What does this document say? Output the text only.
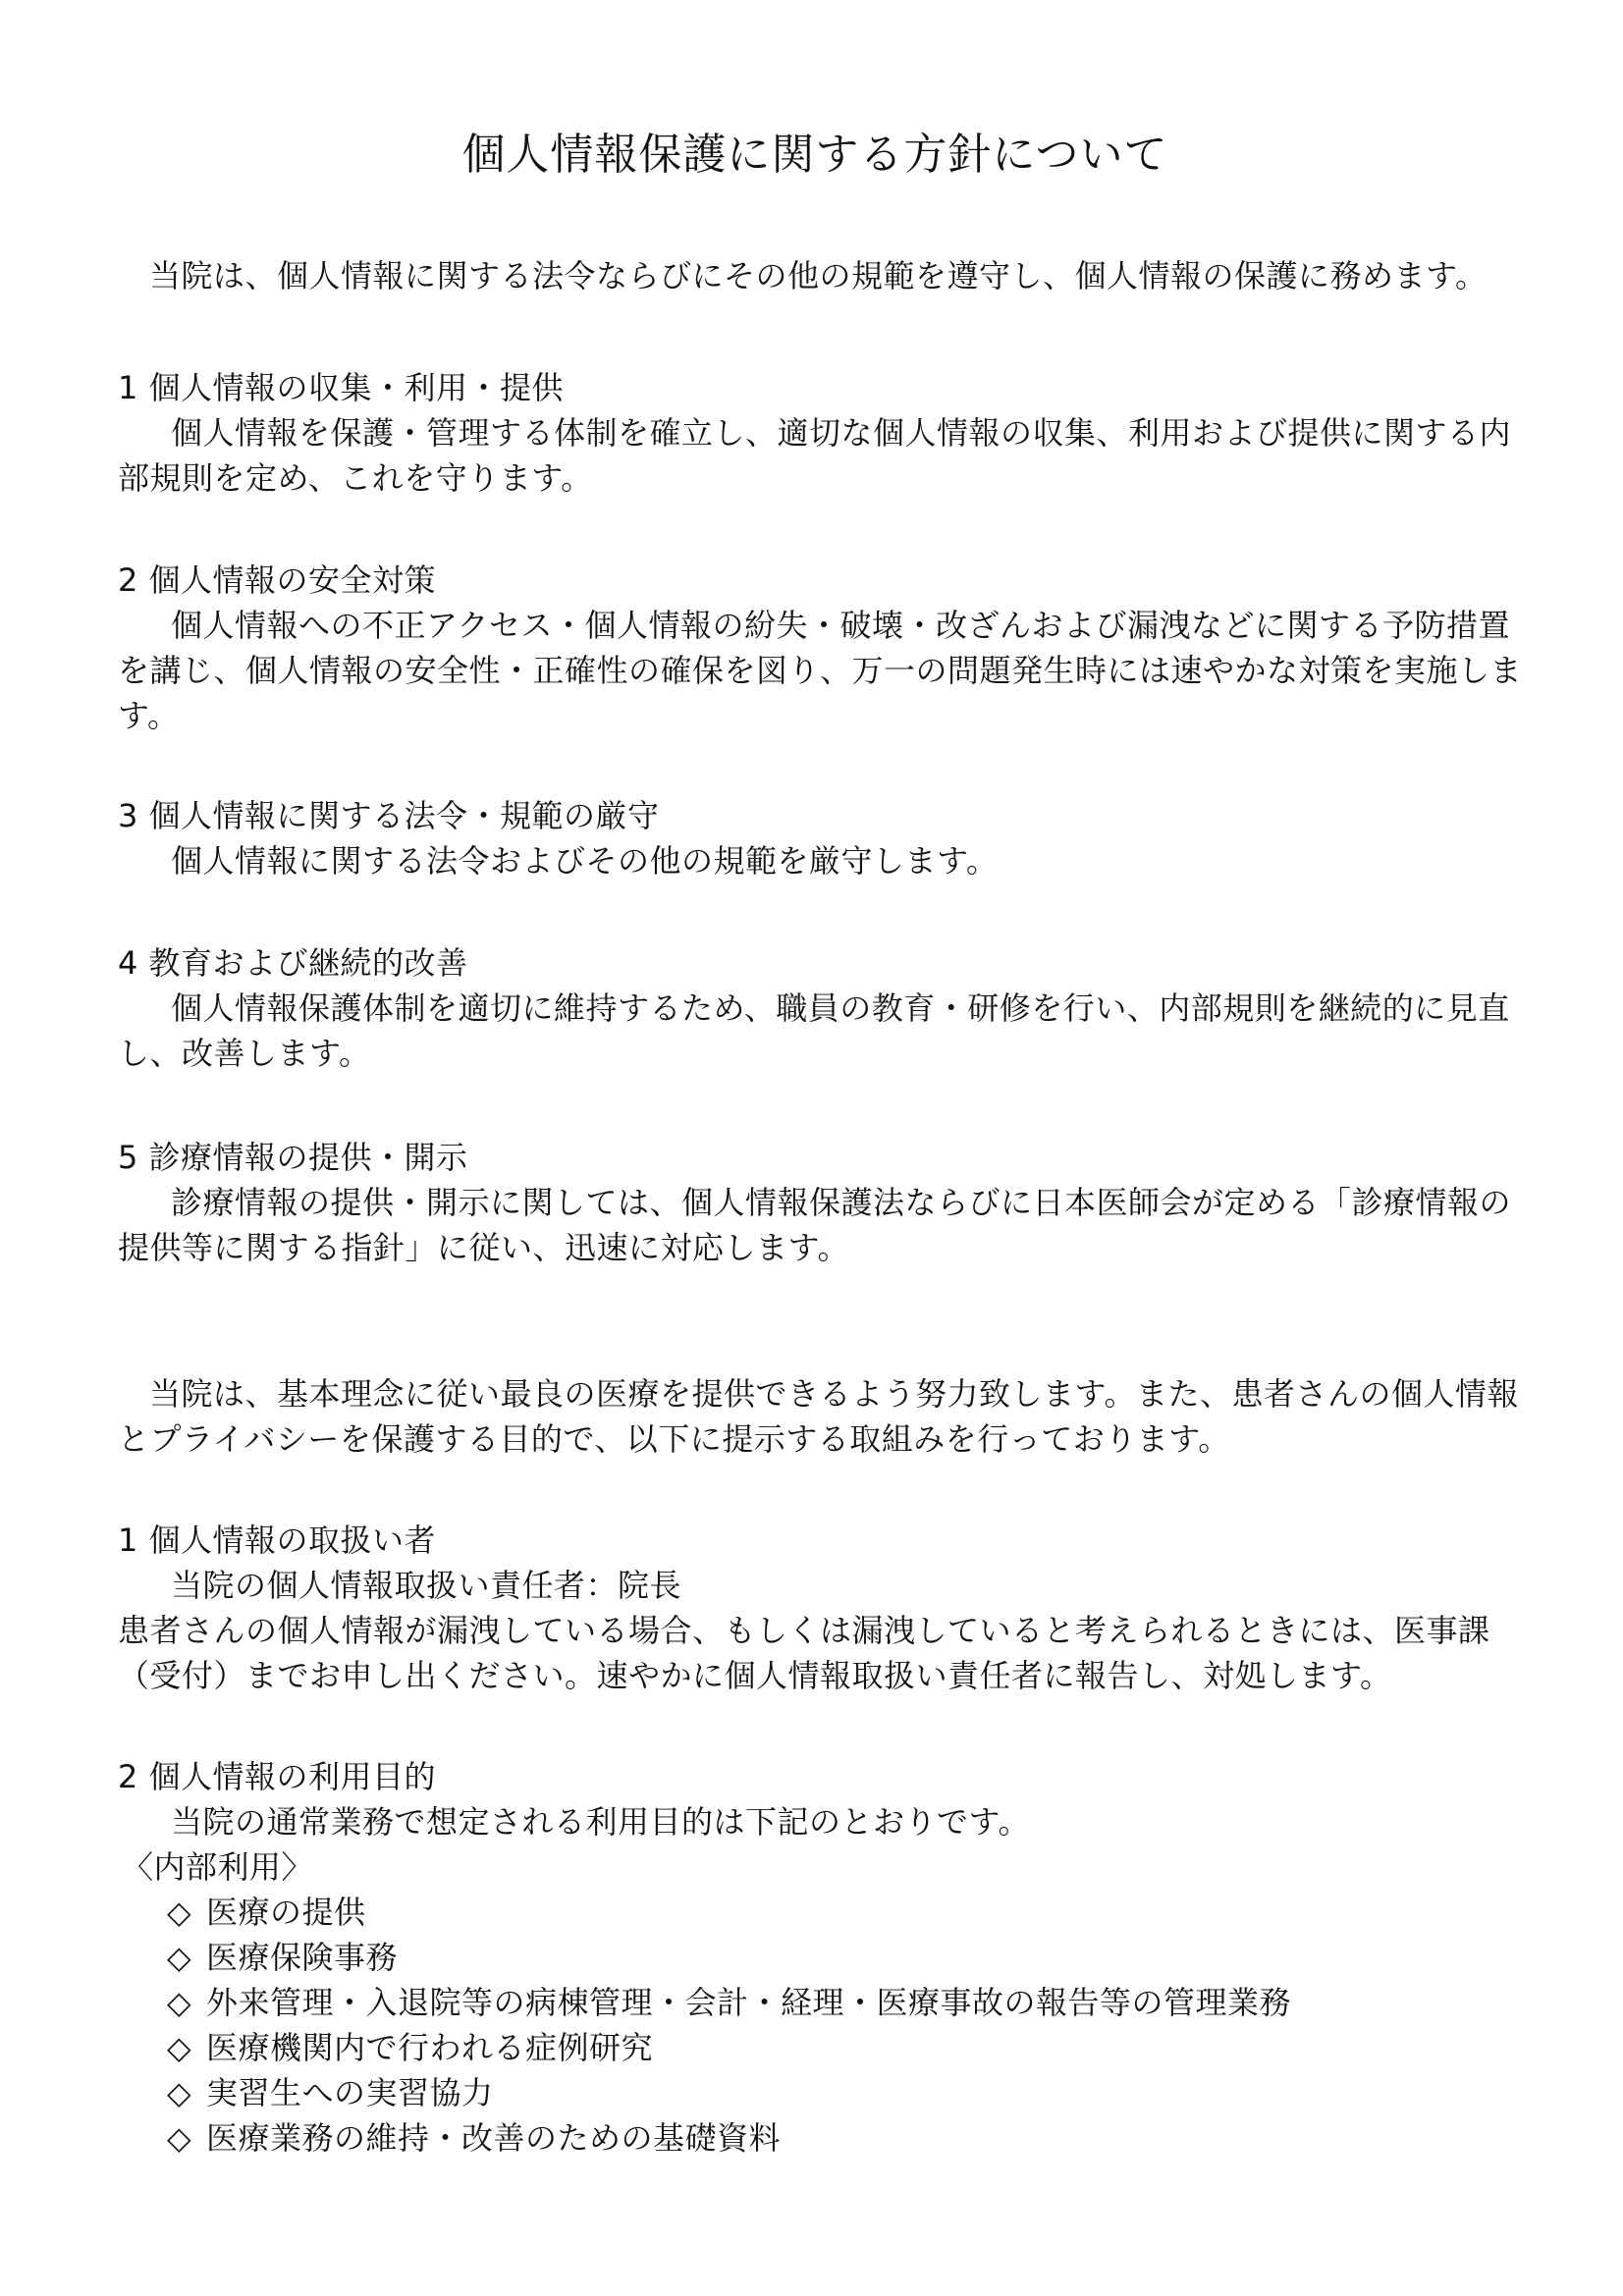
個人情報保護に関する方針について
当院は、個人情報に関する法令ならびにその他の規範を遵守し、個人情報の保護に務めます。
1 個人情報の収集・利用・提供
個人情報を保護・管理する体制を確立し、適切な個人情報の収集、利用および提供に関する内部規則を定め、これを守ります。
2 個人情報の安全対策
個人情報への不正アクセス・個人情報の紛失・破壊・改ざんおよび漏洩などに関する予防措置を講じ、個人情報の安全性・正確性の確保を図り、万一の問題発生時には速やかな対策を実施します。
3 個人情報に関する法令・規範の厳守
個人情報に関する法令およびその他の規範を厳守します。
4 教育および継続的改善
個人情報保護体制を適切に維持するため、職員の教育・研修を行い、内部規則を継続的に見直し、改善します。
5 診療情報の提供・開示
診療情報の提供・開示に関しては、個人情報保護法ならびに日本医師会が定める「診療情報の提供等に関する指針」に従い、迅速に対応します。
当院は、基本理念に従い最良の医療を提供できるよう努力致します。また、患者さんの個人情報とプライバシーを保護する目的で、以下に提示する取組みを行っております。
1 個人情報の取扱い者
当院の個人情報取扱い責任者：院長
患者さんの個人情報が漏洩している場合、もしくは漏洩していると考えられるときには、医事課（受付）までお申し出ください。速やかに個人情報取扱い責任者に報告し、対処します。
2 個人情報の利用目的
当院の通常業務で想定される利用目的は下記のとおりです。
〈内部利用〉
◇ 医療の提供
◇ 医療保険事務
◇ 外来管理・入退院等の病棟管理・会計・経理・医療事故の報告等の管理業務
◇ 医療機関内で行われる症例研究
◇ 実習生への実習協力
◇ 医療業務の維持・改善のための基礎資料
